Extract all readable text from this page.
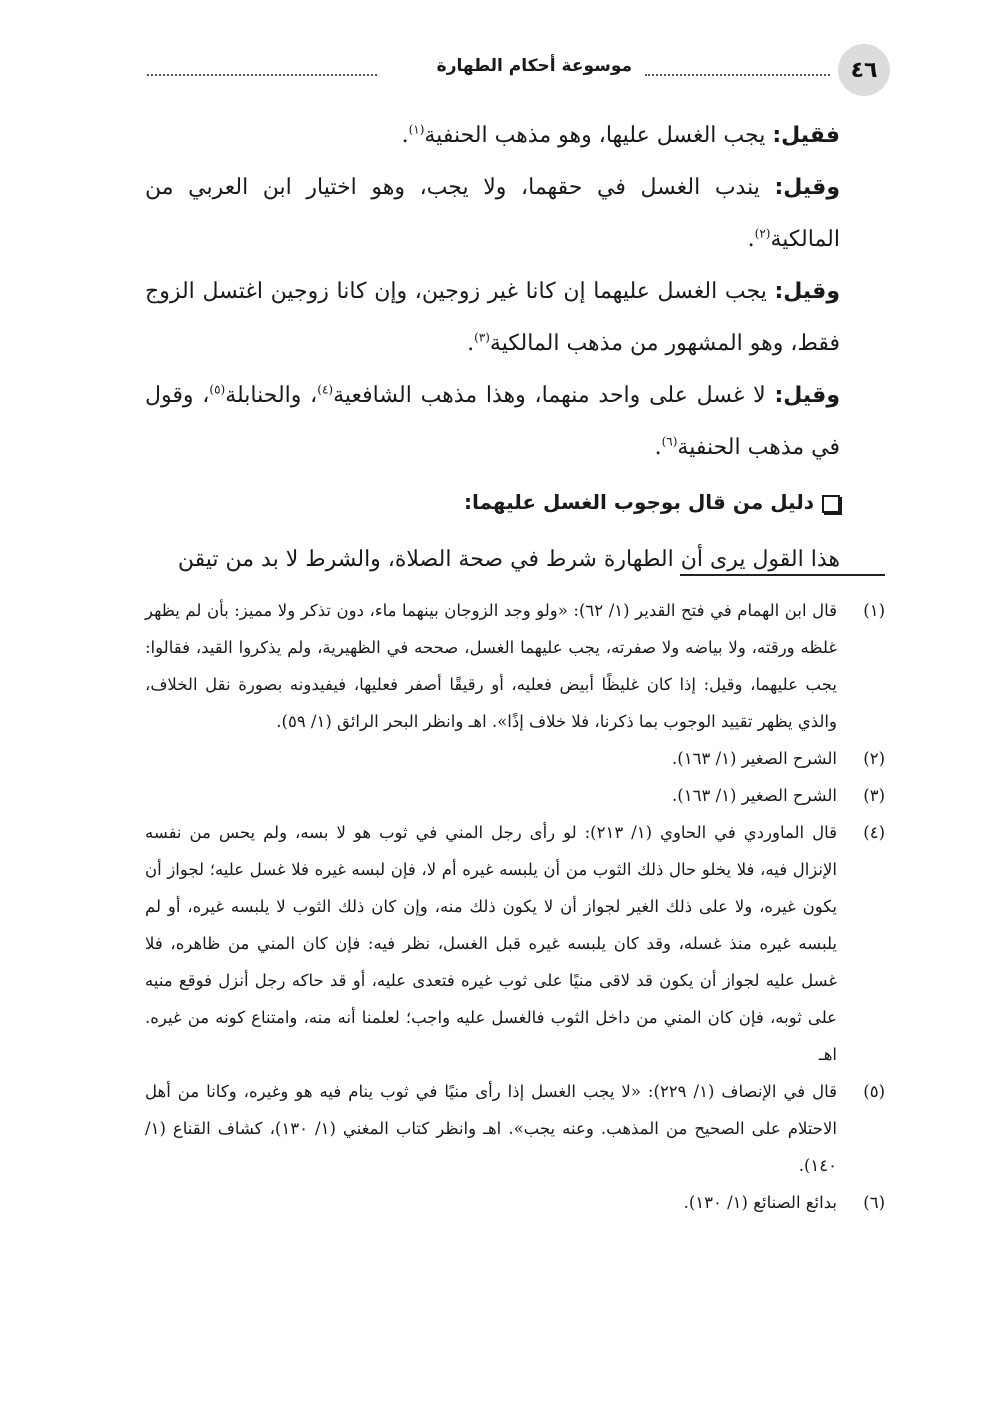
موسوعة أحكام الطهارة	٤٦

فقيل: يجب الغسل عليها، وهو مذهب الحنفية$^{(١)}$.

وقيل: يندب الغسل في حقهما، ولا يجب، وهو اختيار ابن العربي من المالكية$^{(٢)}$.

وقيل: يجب الغسل عليهما إن كانا غير زوجين، وإن كانا زوجين اغتسل الزوج فقط، وهو المشهور من مذهب المالكية$^{(٣)}$.

وقيل: لا غسل على واحد منهما، وهذا مذهب الشافعية$^{(٤)}$، والحنابلة$^{(٥)}$، وقول في مذهب الحنفية$^{(٦)}$.

دليل من قال بوجوب الغسل عليهما:

هذا القول يرى أن الطهارة شرط في صحة الصلاة، والشرط لا بد من تيقن

(١)
قال ابن الهمام في فتح القدير (١/ ٦٢): «ولو وجد الزوجان بينهما ماء، دون تذكر ولا مميز: بأن لم يظهر غلظه ورقته، ولا بياضه ولا صفرته، يجب عليهما الغسل، صححه في الظهيرية، ولم يذكروا القيد، فقالوا: يجب عليهما، وقيل: إذا كان غليظًا أبيض فعليه، أو رقيقًا أصفر فعليها، فيفيدونه بصورة نقل الخلاف، والذي يظهر تقييد الوجوب بما ذكرنا، فلا خلاف إذًا». اهـ وانظر البحر الرائق (١/ ٥٩).
(٢)
الشرح الصغير (١/ ١٦٣).
(٣)
الشرح الصغير (١/ ١٦٣).
(٤)
قال الماوردي في الحاوي (١/ ٢١٣): لو رأى رجل المني في ثوب هو لا بسه، ولم يحس من نفسه الإنزال فيه، فلا يخلو حال ذلك الثوب من أن يلبسه غيره أم لا، فإن لبسه غيره فلا غسل عليه؛ لجواز أن يكون غيره، ولا على ذلك الغير لجواز أن لا يكون ذلك منه، وإن كان ذلك الثوب لا يلبسه غيره، أو لم يلبسه غيره منذ غسله، وقد كان يلبسه غيره قبل الغسل، نظر فيه: فإن كان المني من ظاهره، فلا غسل عليه لجواز أن يكون قد لاقى منيًا على ثوب غيره فتعدى عليه، أو قد حاكه رجل أنزل فوقع منيه على ثوبه، فإن كان المني من داخل الثوب فالغسل عليه واجب؛ لعلمنا أنه منه، وامتناع كونه من غيره. اهـ
(٥)
قال في الإنصاف (١/ ٢٢٩): «لا يجب الغسل إذا رأى منيًا في ثوب ينام فيه هو وغيره، وكانا من أهل الاحتلام على الصحيح من المذهب. وعنه يجب». اهـ وانظر كتاب المغني (١/ ١٣٠)، كشاف القناع (١/ ١٤٠).
(٦)
بدائع الصنائع (١/ ١٣٠).
